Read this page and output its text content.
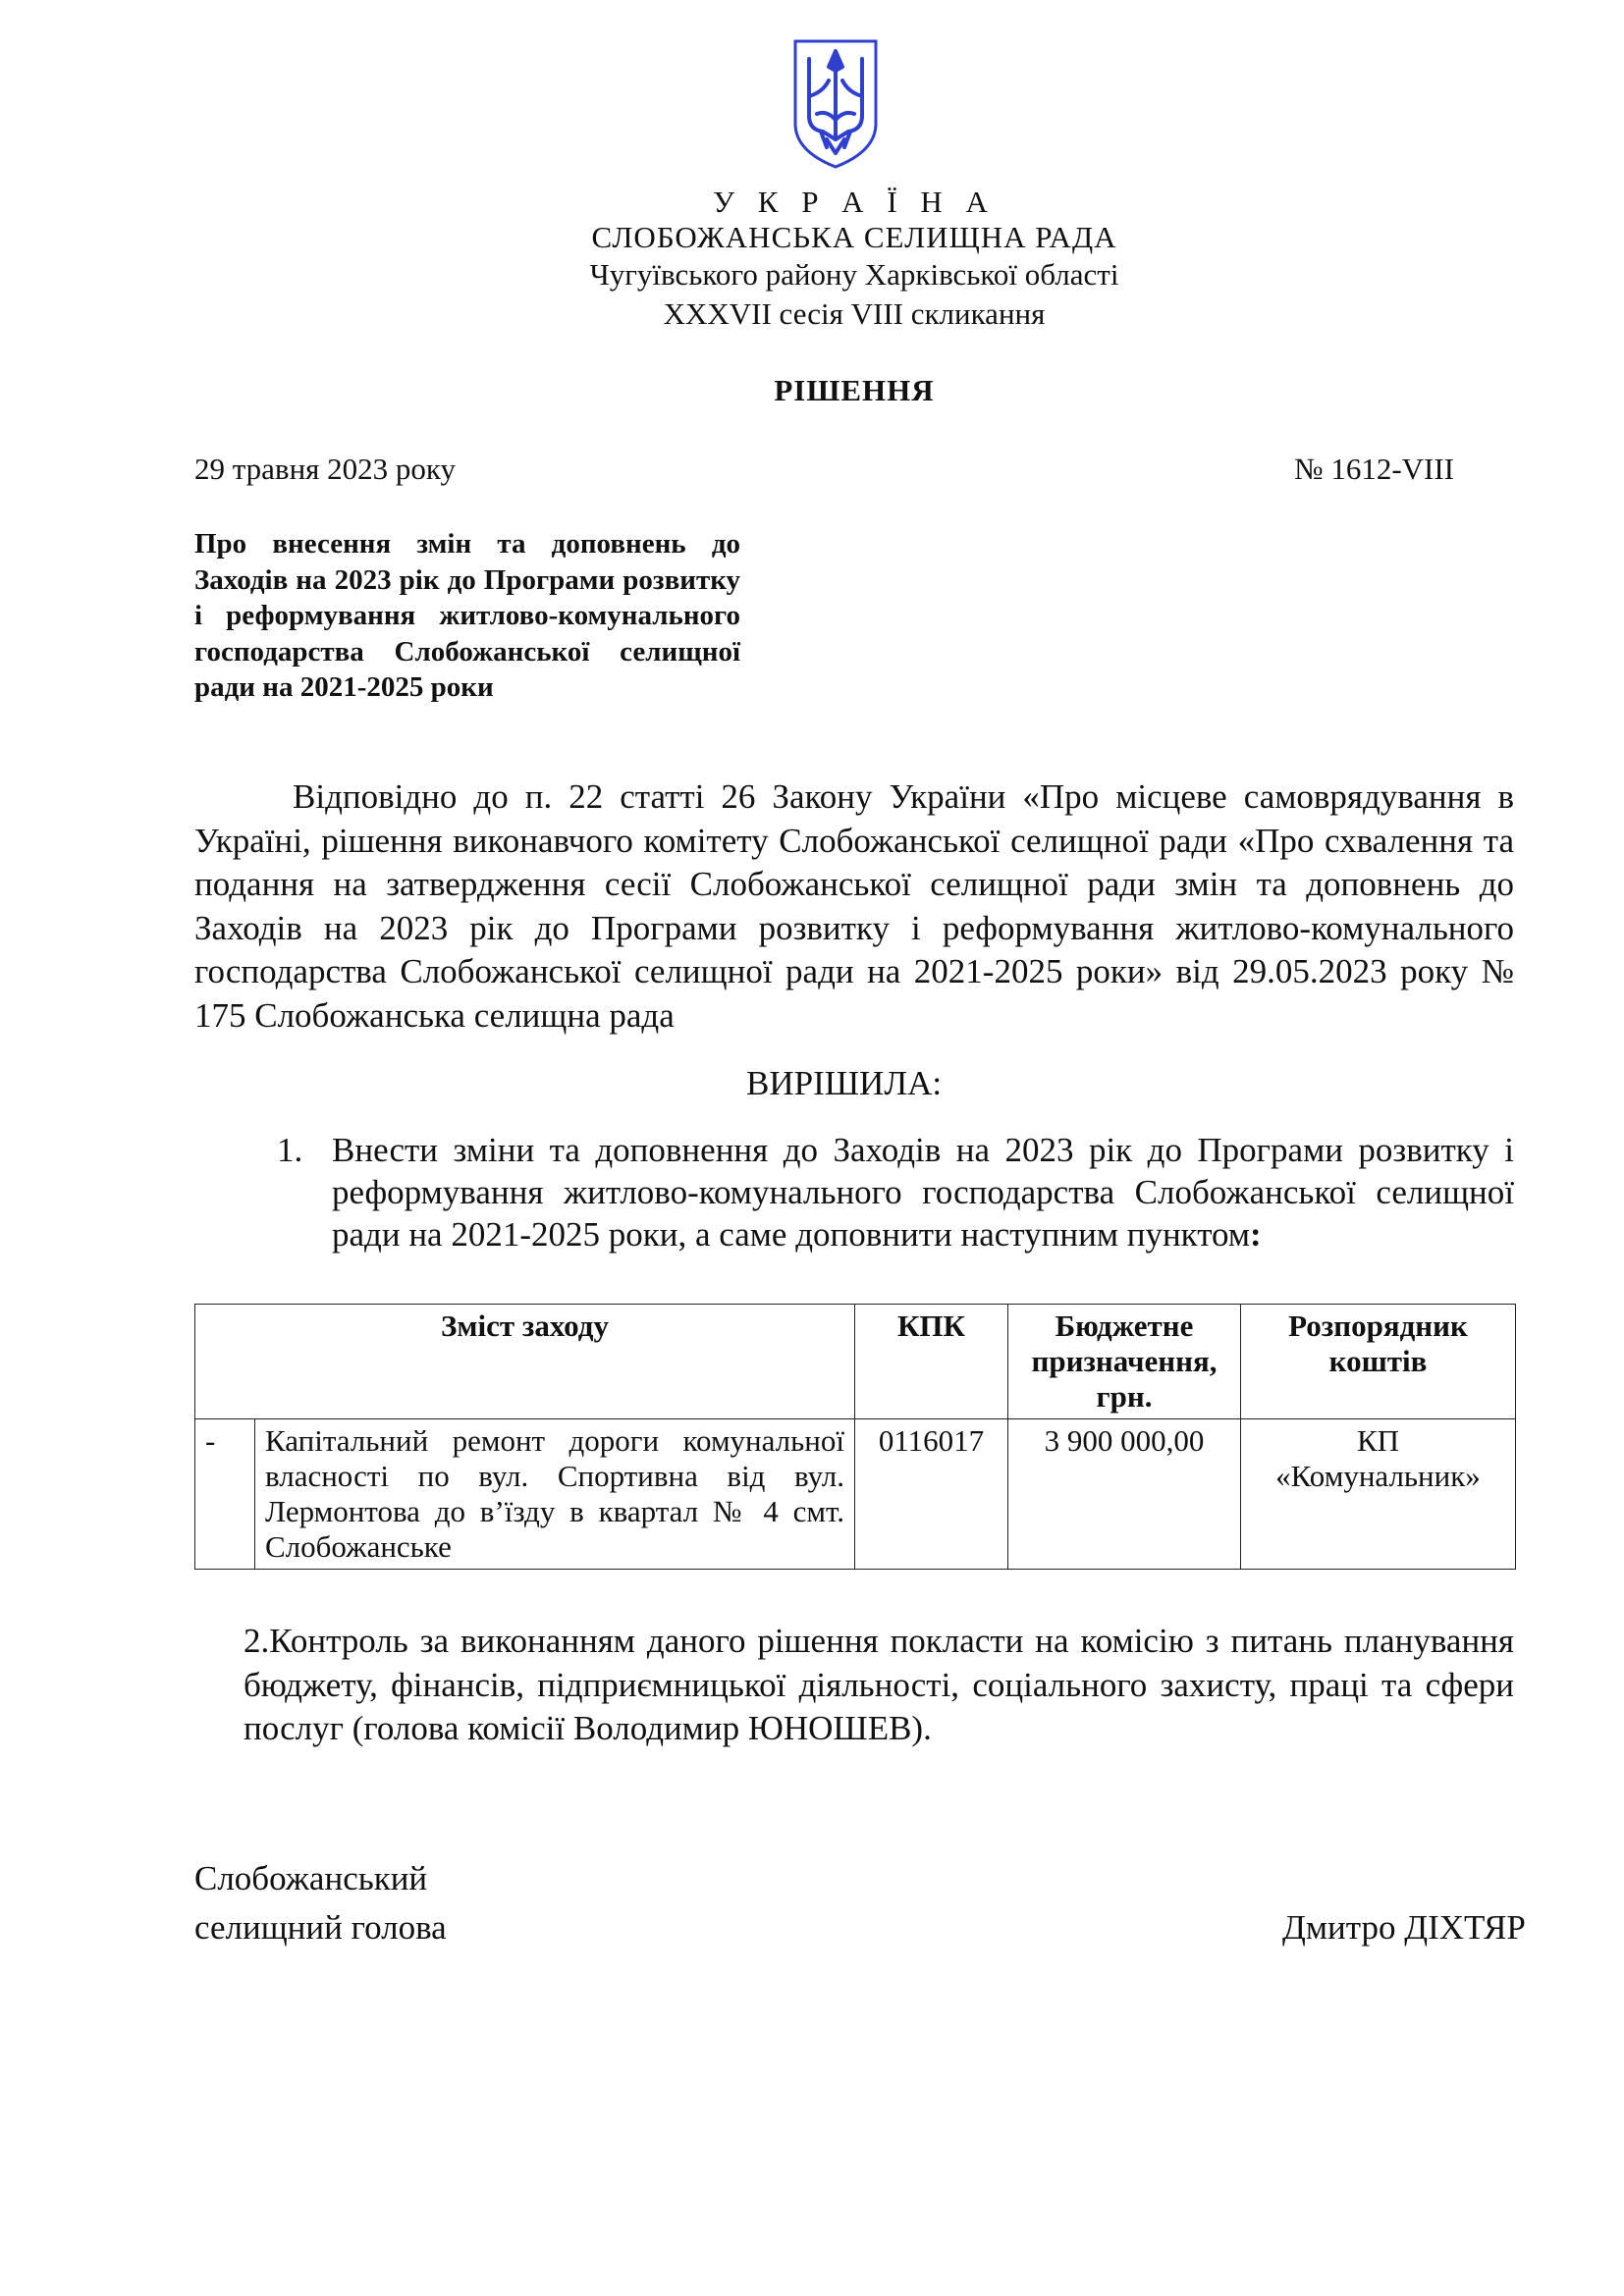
У К Р А Ї Н А
СЛОБОЖАНСЬКА СЕЛИЩНА РАДА
Чугуївського району Харківської області
XXXVII сесія VIII скликання
РІШЕННЯ
29 травня 2023 року	№ 1612-VIII
Про внесення змін та доповнень до Заходів на 2023 рік до Програми розвитку і реформування житлово-комунального господарства Слобожанської селищної ради на 2021-2025 роки
Відповідно до п. 22 статті 26 Закону України «Про місцеве самоврядування в Україні, рішення виконавчого комітету Слобожанської селищної ради «Про схвалення та подання на затвердження сесії Слобожанської селищної ради змін та доповнень до Заходів на 2023 рік до Програми розвитку і реформування житлово-комунального господарства Слобожанської селищної ради на 2021-2025 роки» від 29.05.2023 року № 175 Слобожанська селищна рада
ВИРІШИЛА:
1. Внести зміни та доповнення до Заходів на 2023 рік до Програми розвитку і реформування житлово-комунального господарства Слобожанської селищної ради на 2021-2025 роки, а саме доповнити наступним пунктом:
Зміст заходу		КПК	Бюджетне призначення, грн.	Розпорядник коштів
-	Капітальний ремонт дороги комунальної власності по вул. Спортивна від вул. Лермонтова до в’їзду в квартал № 4 смт. Слобожанське	0116017	3 900 000,00	КП «Комунальник»
2.Контроль за виконанням даного рішення покласти на комісію з питань планування бюджету, фінансів, підприємницької діяльності, соціального захисту, праці та сфери послуг (голова комісії Володимир ЮНОШЕВ).
Слобожанський
селищний голова	Дмитро ДІХТЯР
